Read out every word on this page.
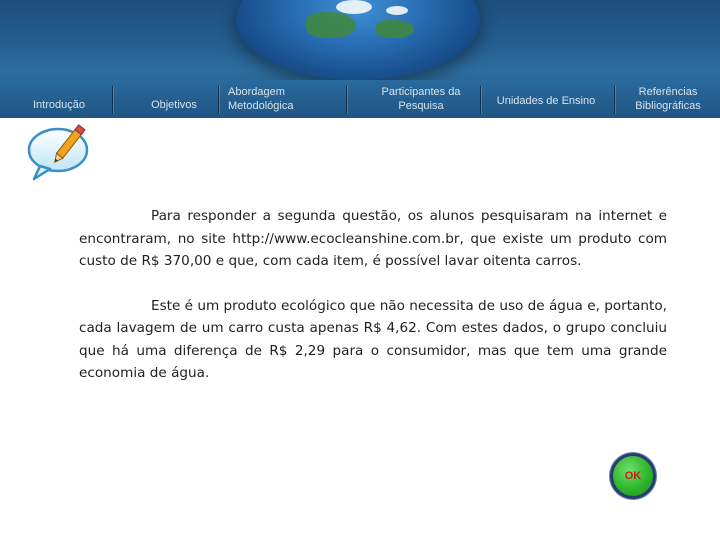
Introdução	Objetivos
Abordagem
Metodológica
Participantes da
Pesquisa	Unidades de Ensino
Referências
Bibliográficas

Para responder a segunda questão, os alunos pesquisaram na internet e encontraram, no site http://www.ecocleanshine.com.br, que existe um produto com custo de R$ 370,00 e que, com cada item, é possível lavar oitenta carros.

Este é um produto ecológico que não necessita de uso de água e, portanto, cada lavagem de um carro custa apenas R$ 4,62. Com estes dados, o grupo concluiu que há uma diferença de R$ 2,29 para o consumidor, mas que tem uma grande economia de água.

OK
